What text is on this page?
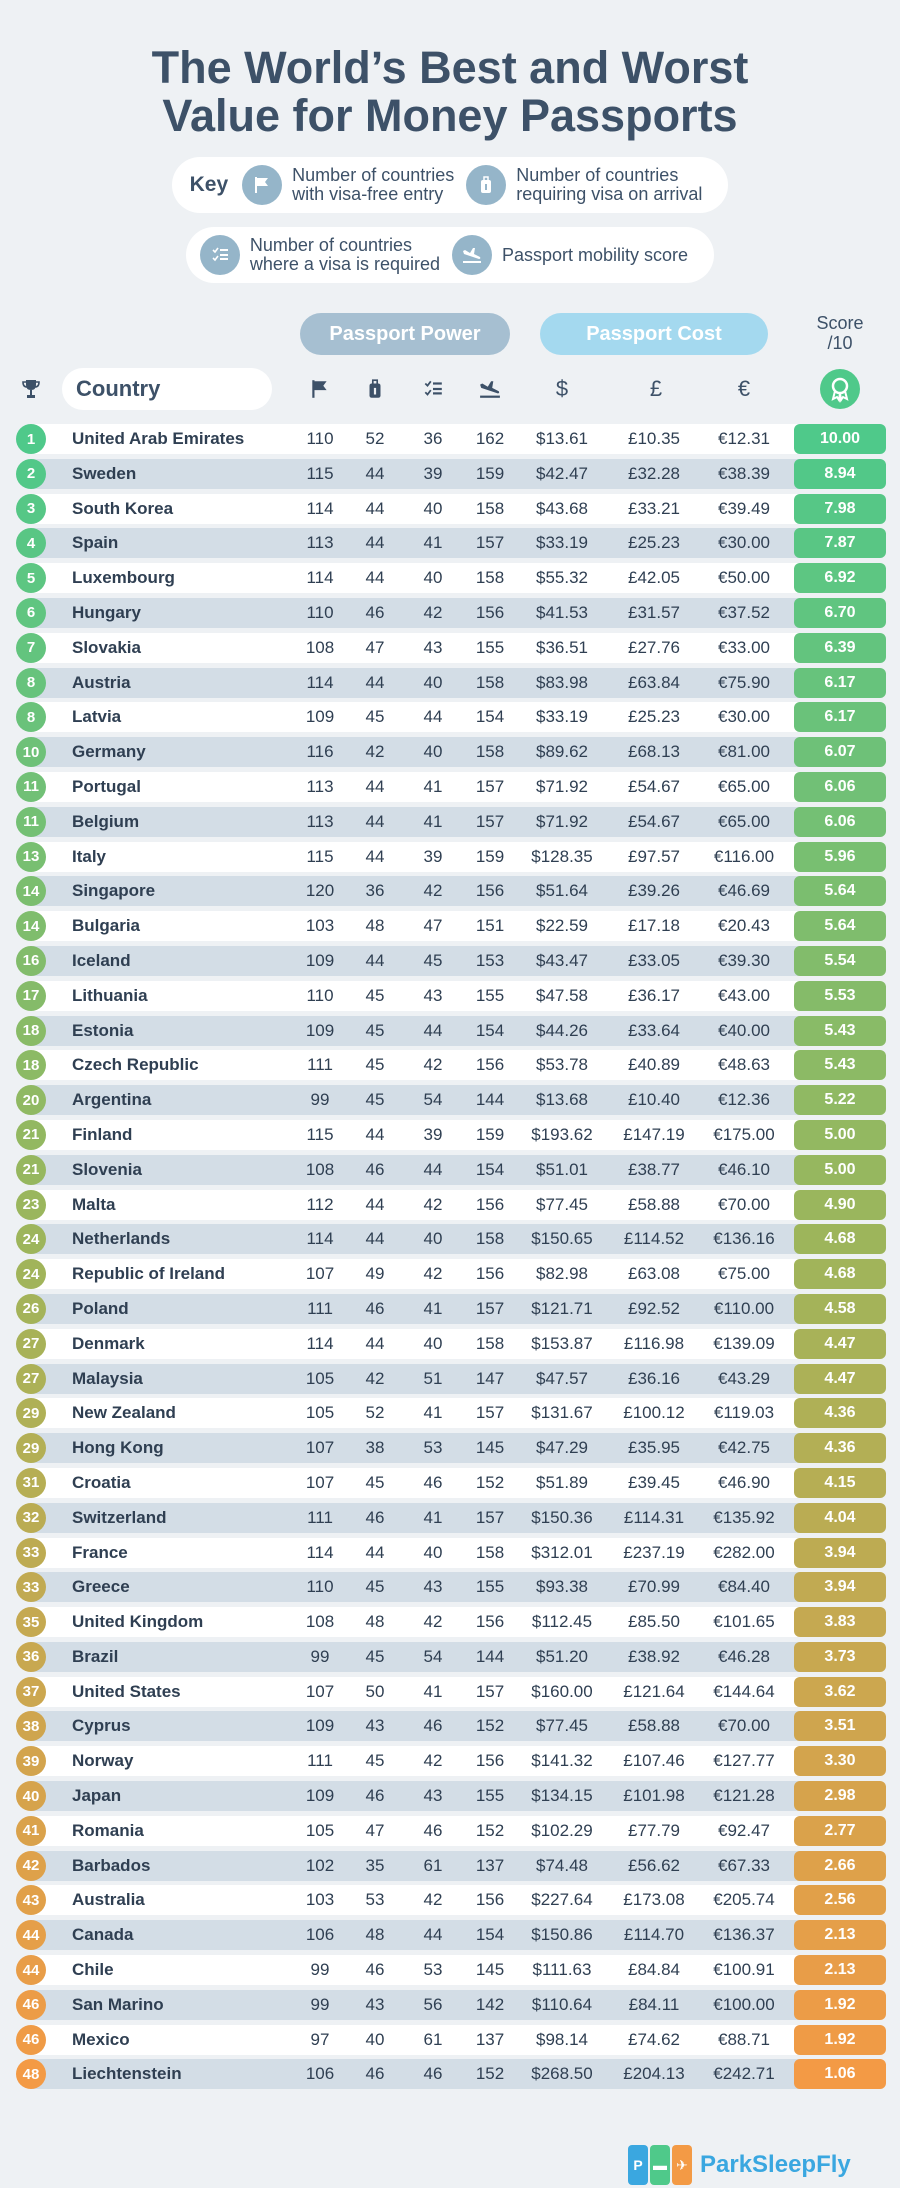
The World’s Best and Worst
Value for Money Passports
Key	Number of countries
with visa-free entry
Number of countries
requiring visa on arrival
Number of countries
where a visa is required	Passport mobility score
Passport Power	Passport Cost	Score
/10
Country	$	£	€
1	United Arab Emirates	110	52	36	162	$13.61	£10.35	€12.31	10.00
2	Sweden	115	44	39	159	$42.47	£32.28	€38.39	8.94
3	South Korea	114	44	40	158	$43.68	£33.21	€39.49	7.98
4	Spain	113	44	41	157	$33.19	£25.23	€30.00	7.87
5	Luxembourg	114	44	40	158	$55.32	£42.05	€50.00	6.92
6	Hungary	110	46	42	156	$41.53	£31.57	€37.52	6.70
7	Slovakia	108	47	43	155	$36.51	£27.76	€33.00	6.39
8	Austria	114	44	40	158	$83.98	£63.84	€75.90	6.17
8	Latvia	109	45	44	154	$33.19	£25.23	€30.00	6.17
10	Germany	116	42	40	158	$89.62	£68.13	€81.00	6.07
11	Portugal	113	44	41	157	$71.92	£54.67	€65.00	6.06
11	Belgium	113	44	41	157	$71.92	£54.67	€65.00	6.06
13	Italy	115	44	39	159	$128.35	£97.57	€116.00	5.96
14	Singapore	120	36	42	156	$51.64	£39.26	€46.69	5.64
14	Bulgaria	103	48	47	151	$22.59	£17.18	€20.43	5.64
16	Iceland	109	44	45	153	$43.47	£33.05	€39.30	5.54
17	Lithuania	110	45	43	155	$47.58	£36.17	€43.00	5.53
18	Estonia	109	45	44	154	$44.26	£33.64	€40.00	5.43
18	Czech Republic	111	45	42	156	$53.78	£40.89	€48.63	5.43
20	Argentina	99	45	54	144	$13.68	£10.40	€12.36	5.22
21	Finland	115	44	39	159	$193.62	£147.19	€175.00	5.00
21	Slovenia	108	46	44	154	$51.01	£38.77	€46.10	5.00
23	Malta	112	44	42	156	$77.45	£58.88	€70.00	4.90
24	Netherlands	114	44	40	158	$150.65	£114.52	€136.16	4.68
24	Republic of Ireland	107	49	42	156	$82.98	£63.08	€75.00	4.68
26	Poland	111	46	41	157	$121.71	£92.52	€110.00	4.58
27	Denmark	114	44	40	158	$153.87	£116.98	€139.09	4.47
27	Malaysia	105	42	51	147	$47.57	£36.16	€43.29	4.47
29	New Zealand	105	52	41	157	$131.67	£100.12	€119.03	4.36
29	Hong Kong	107	38	53	145	$47.29	£35.95	€42.75	4.36
31	Croatia	107	45	46	152	$51.89	£39.45	€46.90	4.15
32	Switzerland	111	46	41	157	$150.36	£114.31	€135.92	4.04
33	France	114	44	40	158	$312.01	£237.19	€282.00	3.94
33	Greece	110	45	43	155	$93.38	£70.99	€84.40	3.94
35	United Kingdom	108	48	42	156	$112.45	£85.50	€101.65	3.83
36	Brazil	99	45	54	144	$51.20	£38.92	€46.28	3.73
37	United States	107	50	41	157	$160.00	£121.64	€144.64	3.62
38	Cyprus	109	43	46	152	$77.45	£58.88	€70.00	3.51
39	Norway	111	45	42	156	$141.32	£107.46	€127.77	3.30
40	Japan	109	46	43	155	$134.15	£101.98	€121.28	2.98
41	Romania	105	47	46	152	$102.29	£77.79	€92.47	2.77
42	Barbados	102	35	61	137	$74.48	£56.62	€67.33	2.66
43	Australia	103	53	42	156	$227.64	£173.08	€205.74	2.56
44	Canada	106	48	44	154	$150.86	£114.70	€136.37	2.13
44	Chile	99	46	53	145	$111.63	£84.84	€100.91	2.13
46	San Marino	99	43	56	142	$110.64	£84.11	€100.00	1.92
46	Mexico	97	40	61	137	$98.14	£74.62	€88.71	1.92
48	Liechtenstein	106	46	46	152	$268.50	£204.13	€242.71	1.06
P ▬ ✈ ParkSleepFly
